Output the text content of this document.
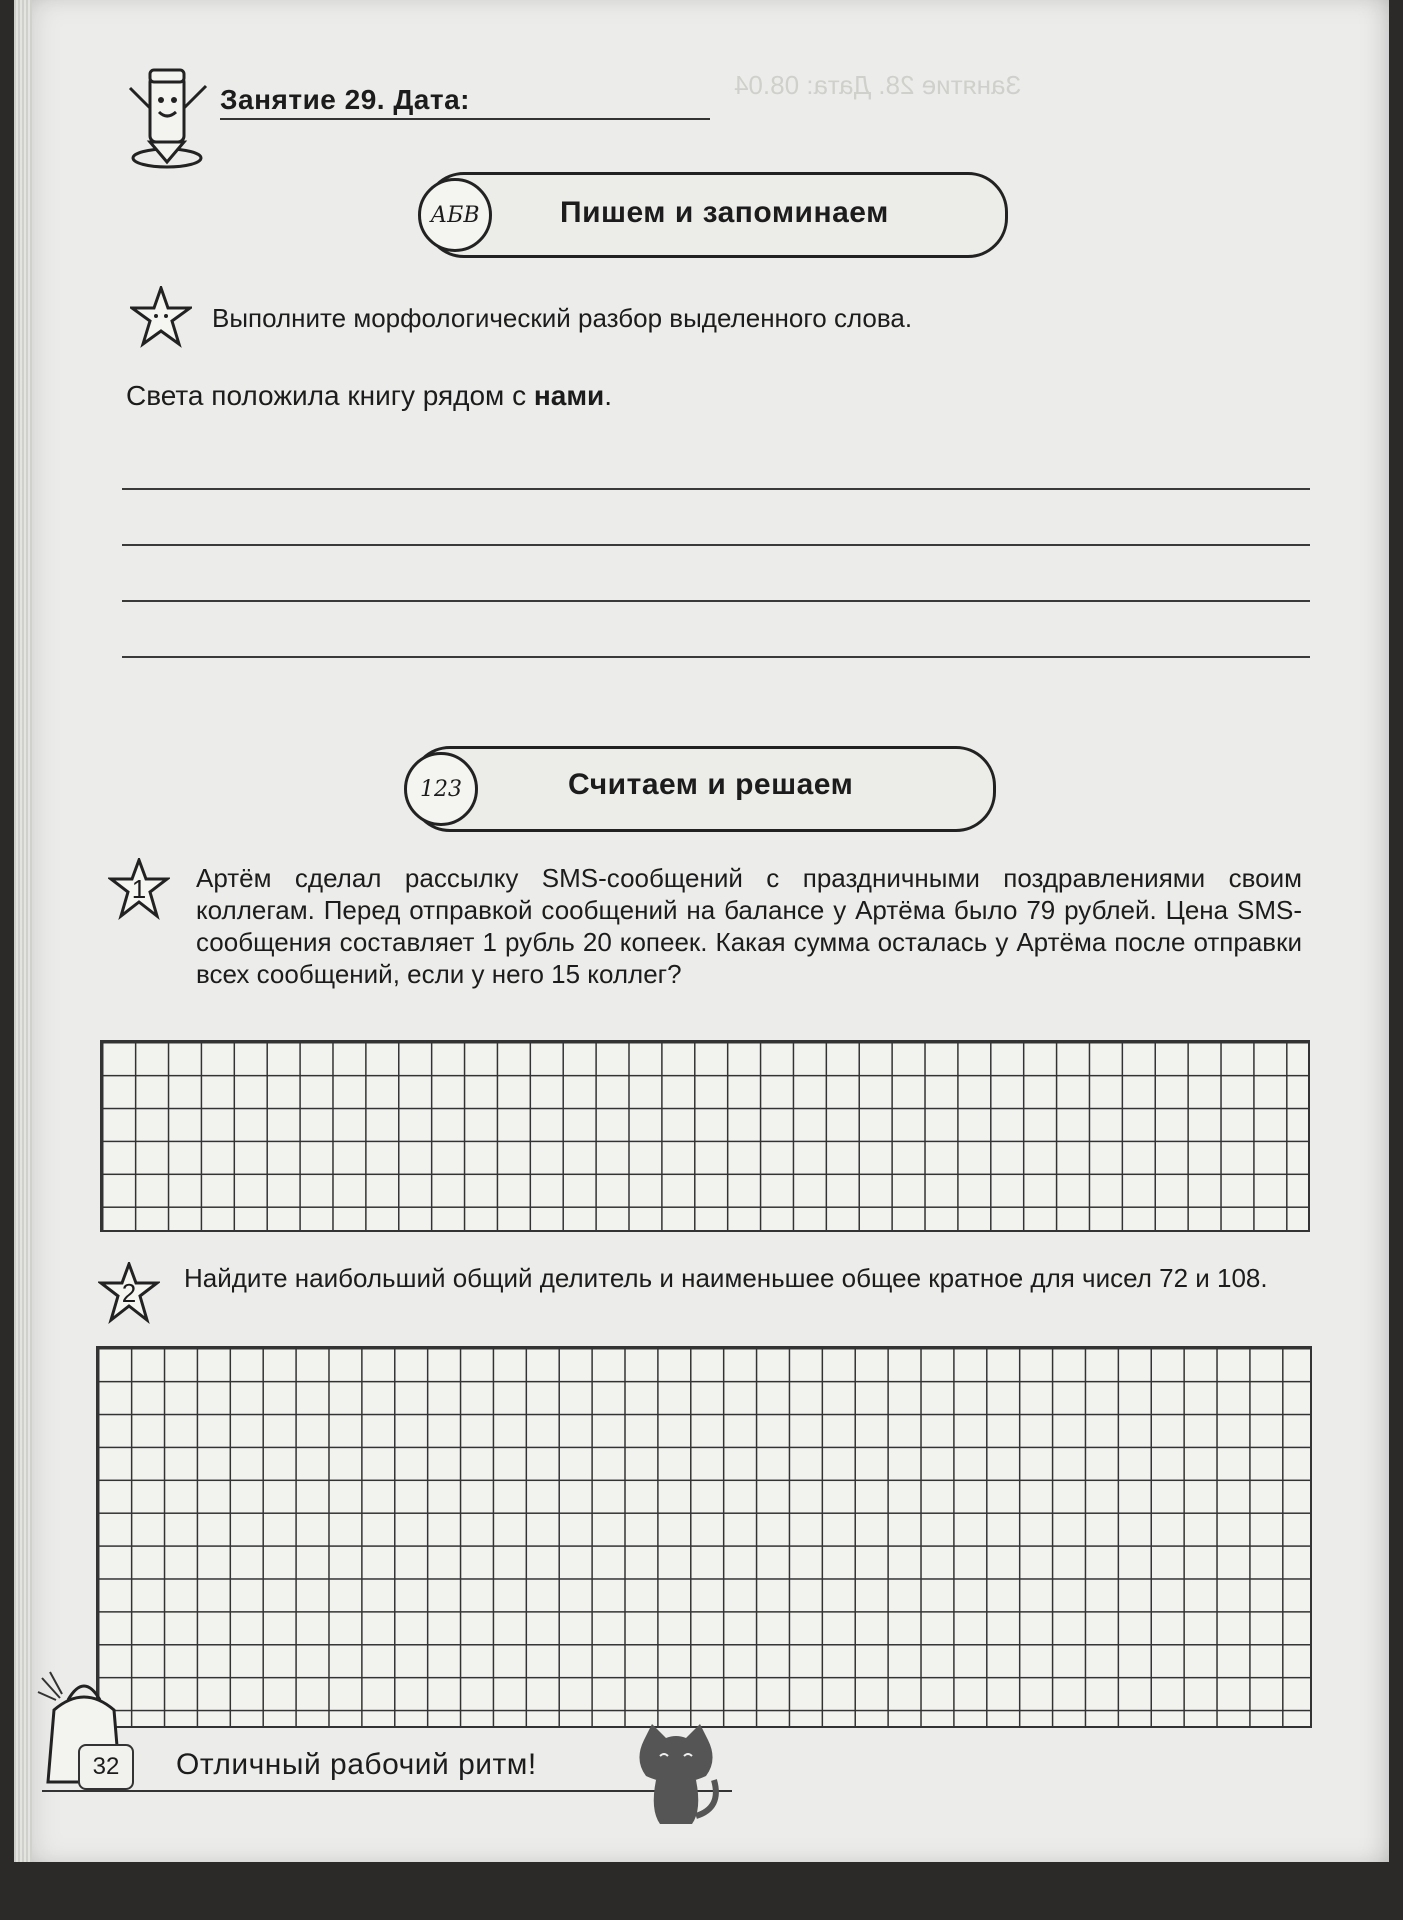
Занятие 28. Дата: 08.04
Занятие 29. Дата:
АБВ	Пишем и запоминаем
Выполните морфологический разбор выделенного слова.
Света положила книгу рядом с нами.
123	Считаем и решаем
1 Артём сделал рассылку SMS-сообщений с праздничными поздравлениями своим коллегам. Перед отправкой сообщений на балансе у Артёма было 79 рублей. Цена SMS-сообщения составляет 1 рубль 20 копеек. Какая сумма осталась у Артёма после отправки всех сообщений, если у него 15 коллег?
2 Найдите наибольший общий делитель и наименьшее общее кратное для чисел 72 и 108.
32	Отличный рабочий ритм!
